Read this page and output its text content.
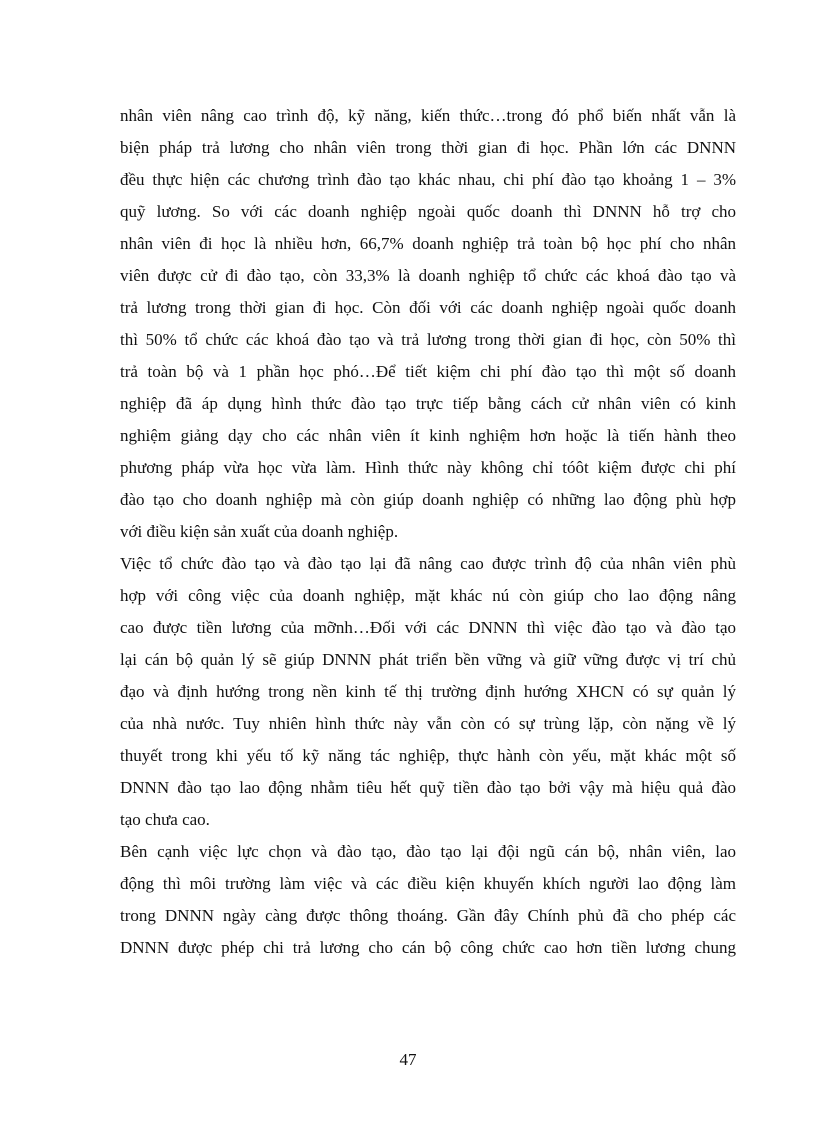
nhân viên nâng cao trình độ, kỹ năng, kiến thức…trong đó phổ biến nhất vẫn là
biện pháp trả lương cho nhân viên trong thời gian đi học. Phần lớn các DNNN
đều thực hiện các chương trình đào tạo khác nhau, chi phí đào tạo khoảng 1 – 3%
quỹ lương. So với các doanh nghiệp ngoài quốc doanh thì DNNN hỗ trợ cho
nhân viên đi học là nhiều hơn, 66,7% doanh nghiệp trả toàn bộ học phí cho nhân
viên được cử đi đào tạo, còn 33,3% là doanh nghiệp tổ chức các khoá đào tạo và
trả lương trong thời gian đi học. Còn đối với các doanh nghiệp ngoài quốc doanh
thì 50% tổ chức các khoá đào tạo và trả lương trong thời gian đi học, còn 50% thì
trả toàn bộ và 1 phần học phó…Để tiết kiệm chi phí đào tạo thì một số doanh
nghiệp đã áp dụng hình thức đào tạo trực tiếp bằng cách cử nhân viên có kinh
nghiệm giảng dạy cho các nhân viên ít kinh nghiệm hơn hoặc là tiến hành theo
phương pháp vừa học vừa làm. Hình thức này không chỉ tóôt kiệm được chi phí
đào tạo cho doanh nghiệp mà còn giúp doanh nghiệp có những lao động phù hợp
với điều kiện sản xuất của doanh nghiệp.
Việc tổ chức đào tạo và đào tạo lại đã nâng cao được trình độ của nhân viên phù
hợp với công việc của doanh nghiệp, mặt khác nú còn giúp cho lao động nâng
cao được tiền lương của mỡnh…Đối với các DNNN thì việc đào tạo và đào tạo
lại cán bộ quản lý sẽ giúp DNNN phát triển bền vững và giữ vững được vị trí chủ
đạo và định hướng trong nền kinh tế thị trường định hướng XHCN có sự quản lý
của nhà nước. Tuy nhiên hình thức này vẫn còn có sự trùng lặp, còn nặng về lý
thuyết trong khi yếu tố kỹ năng tác nghiệp, thực hành còn yếu, mặt khác một số
DNNN đào tạo lao động nhằm tiêu hết quỹ tiền đào tạo bởi vậy mà hiệu quả đào
tạo chưa cao.
Bên cạnh việc lực chọn và đào tạo, đào tạo lại đội ngũ cán bộ, nhân viên, lao
động thì môi trường làm việc và các điều kiện khuyến khích người lao động làm
trong DNNN ngày càng được thông thoáng. Gần đây Chính phủ đã cho phép các
DNNN được phép chi trả lương cho cán bộ công chức cao hơn tiền lương chung
47
